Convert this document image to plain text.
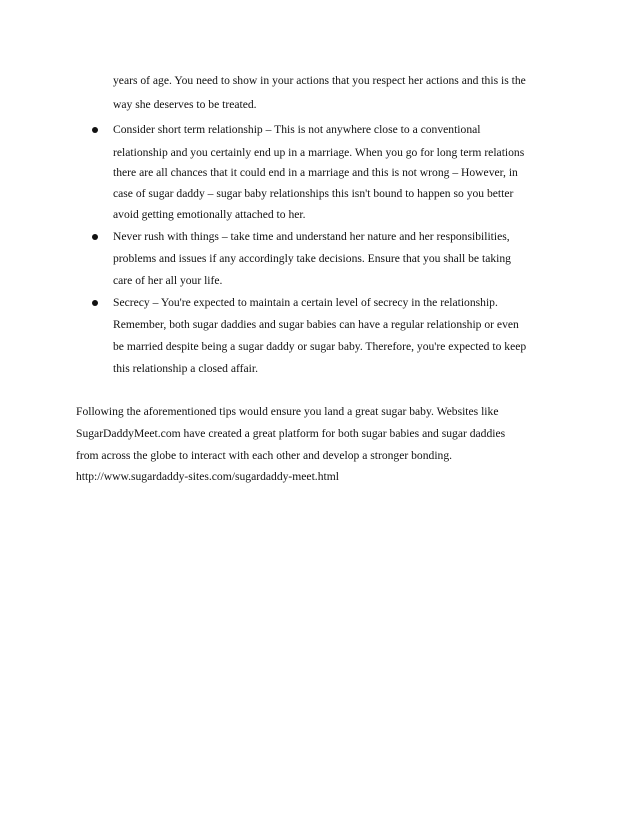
years of age. You need to show in your actions that you respect her actions and this is the
way she deserves to be treated.
Consider short term relationship – This is not anywhere close to a conventional
relationship and you certainly end up in a marriage. When you go for long term relations
there are all chances that it could end in a marriage and this is not wrong – However, in
case of sugar daddy – sugar baby relationships this isn't bound to happen so you better
avoid getting emotionally attached to her.
Never rush with things – take time and understand her nature and her responsibilities,
problems and issues if any accordingly take decisions. Ensure that you shall be taking
care of her all your life.
Secrecy – You're expected to maintain a certain level of secrecy in the relationship.
Remember, both sugar daddies and sugar babies can have a regular relationship or even
be married despite being a sugar daddy or sugar baby. Therefore, you're expected to keep
this relationship a closed affair.
Following the aforementioned tips would ensure you land a great sugar baby. Websites like
SugarDaddyMeet.com have created a great platform for both sugar babies and sugar daddies
from across the globe to interact with each other and develop a stronger bonding.
http://www.sugardaddy-sites.com/sugardaddy-meet.html
